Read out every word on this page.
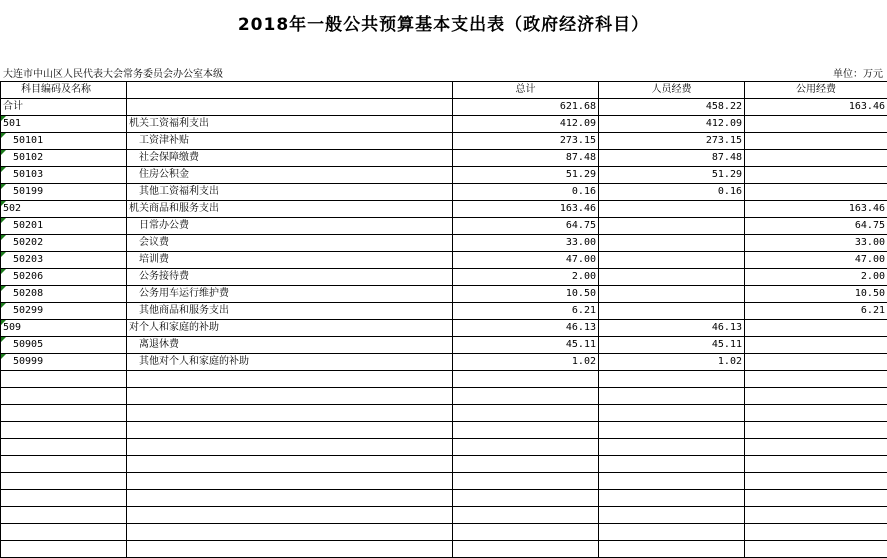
2018年一般公共预算基本支出表（政府经济科目）
大连市中山区人民代表大会常务委员会办公室本级	单位：万元
科目编码及名称		总计	人员经费	公用经费
合计		621.68	458.22	163.46

501	机关工资福利支出	412.09	412.09	

50101	工资津补贴	273.15	273.15	

50102	社会保障缴费	87.48	87.48	

50103	住房公积金	51.29	51.29	

50199	其他工资福利支出	0.16	0.16	

502	机关商品和服务支出	163.46		163.46

50201	日常办公费	64.75		64.75

50202	会议费	33.00		33.00

50203	培训费	47.00		47.00

50206	公务接待费	2.00		2.00

50208	公务用车运行维护费	10.50		10.50

50299	其他商品和服务支出	6.21		6.21

509	对个人和家庭的补助	46.13	46.13	

50905	离退休费	45.11	45.11	

50999	其他对个人和家庭的补助	1.02	1.02	
